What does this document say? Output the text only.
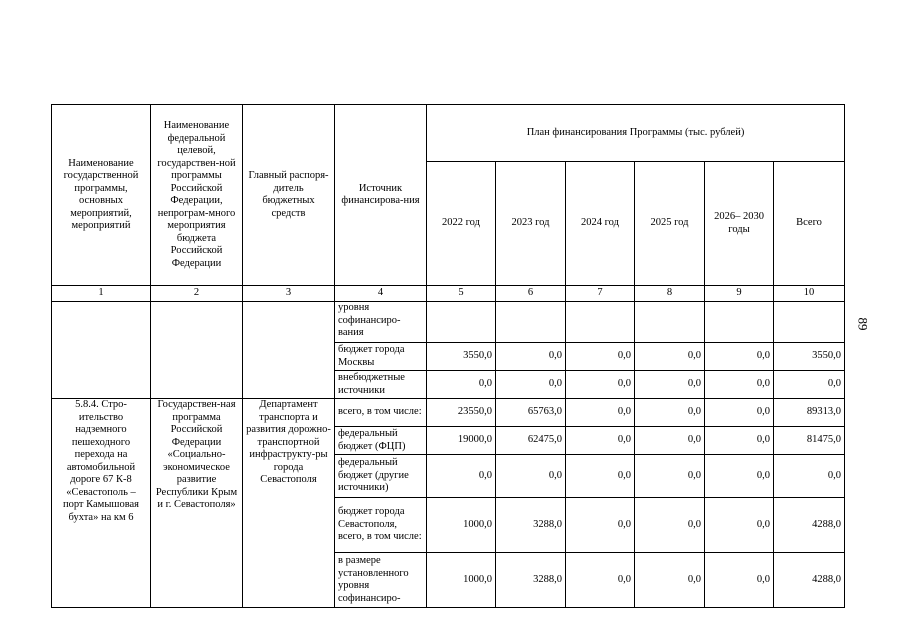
Наименование государственной программы, основных мероприятий, мероприятий	Наименование федеральной целевой, государствен-ной программы Российской Федерации, непрограм-много мероприятия бюджета Российской Федерации	Главный распоря-дитель бюджетных средств	Источник финансирова-ния	План финансирования Программы (тыс. рублей)					
				2022 год	2023 год	2024 год	2025 год	2026– 2030 годы	Всего
1	2	3	4	5	6	7	8	9	10
			уровня софинансиро-вания						
			бюджет города Москвы	3550,0	0,0	0,0	0,0	0,0	3550,0
			внебюджетные источники	0,0	0,0	0,0	0,0	0,0	0,0
5.8.4. Стро-ительство надземного пешеходного перехода на автомобильной дороге 67 К-8 «Севастополь – порт Камышовая бухта» на км 6	Государствен-ная программа Российской Федерации «Социально-экономическое развитие Республики Крым и г. Севастополя»	Департамент транспорта и развития дорожно-транспортной инфраструкту-ры города Севастополя	всего, в том числе:	23550,0	65763,0	0,0	0,0	0,0	89313,0
			федеральный бюджет (ФЦП)	19000,0	62475,0	0,0	0,0	0,0	81475,0
			федеральный бюджет (другие источники)	0,0	0,0	0,0	0,0	0,0	0,0
			бюджет города Севастополя, всего, в том числе:	1000,0	3288,0	0,0	0,0	0,0	4288,0
			в размере установленного уровня софинансиро-	1000,0	3288,0	0,0	0,0	0,0	4288,0
89
